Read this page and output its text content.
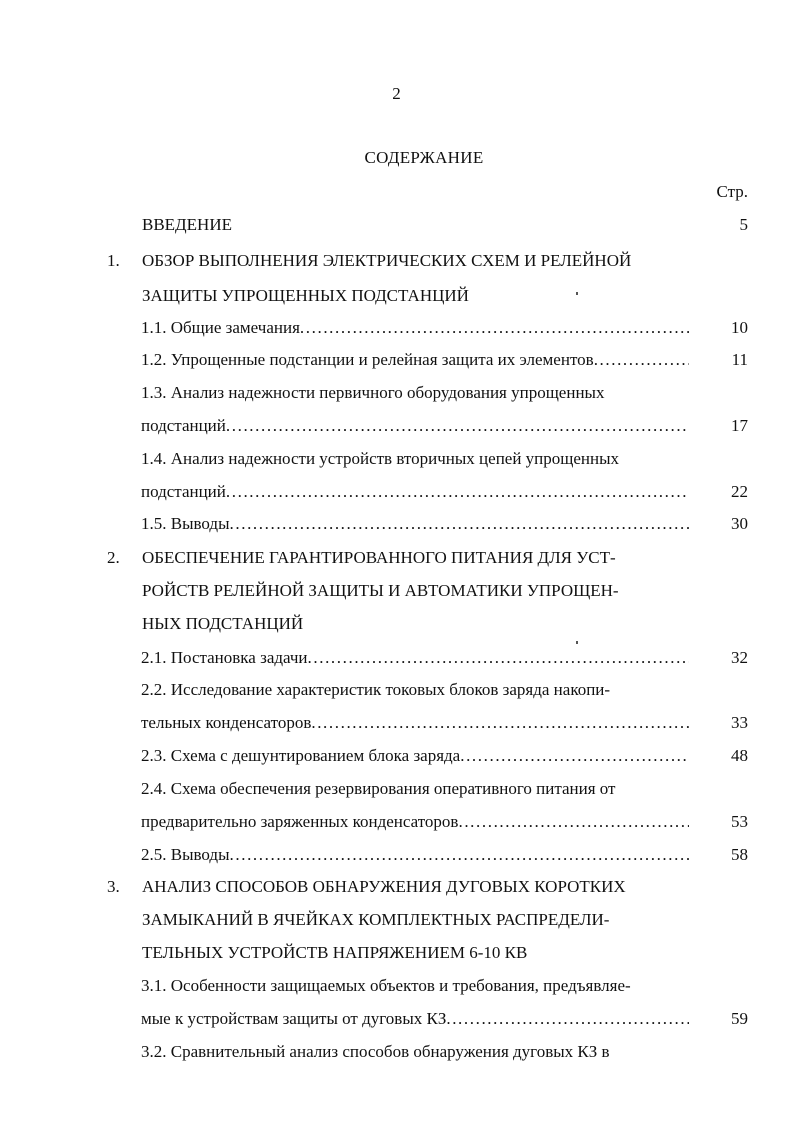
2
СОДЕРЖАНИЕ
Стр.
ВВЕДЕНИЕ	5
1. ОБЗОР ВЫПОЛНЕНИЯ ЭЛЕКТРИЧЕСКИХ СХЕМ И РЕЛЕЙНОЙ
ЗАЩИТЫ УПРОЩЕННЫХ ПОДСТАНЦИЙ
1.1. Общие замечания .....	10
1.2. Упрощенные подстанции и релейная защита их элементов .....	11
1.3. Анализ надежности первичного оборудования упрощенных
подстанций .....	17
1.4. Анализ надежности устройств вторичных цепей упрощенных
подстанций .....	22
1.5. Выводы .....	30
2. ОБЕСПЕЧЕНИЕ ГАРАНТИРОВАННОГО ПИТАНИЯ ДЛЯ УСТ-
РОЙСТВ РЕЛЕЙНОЙ ЗАЩИТЫ И АВТОМАТИКИ УПРОЩЕН-
НЫХ ПОДСТАНЦИЙ
2.1. Постановка задачи .....	32
2.2. Исследование характеристик токовых блоков заряда накопи-
тельных конденсаторов .....	33
2.3. Схема с дешунтированием блока заряда .....	48
2.4. Схема обеспечения резервирования оперативного питания от
предварительно заряженных конденсаторов .....	53
2.5. Выводы .....	58
3. АНАЛИЗ СПОСОБОВ ОБНАРУЖЕНИЯ ДУГОВЫХ КОРОТКИХ
ЗАМЫКАНИЙ В ЯЧЕЙКАХ КОМПЛЕКТНЫХ РАСПРЕДЕЛИ-
ТЕЛЬНЫХ УСТРОЙСТВ НАПРЯЖЕНИЕМ 6-10 КВ
3.1. Особенности защищаемых объектов и требования, предъявляе-
мые к устройствам защиты от дуговых КЗ .....	59
3.2. Сравнительный анализ способов обнаружения дуговых КЗ в
